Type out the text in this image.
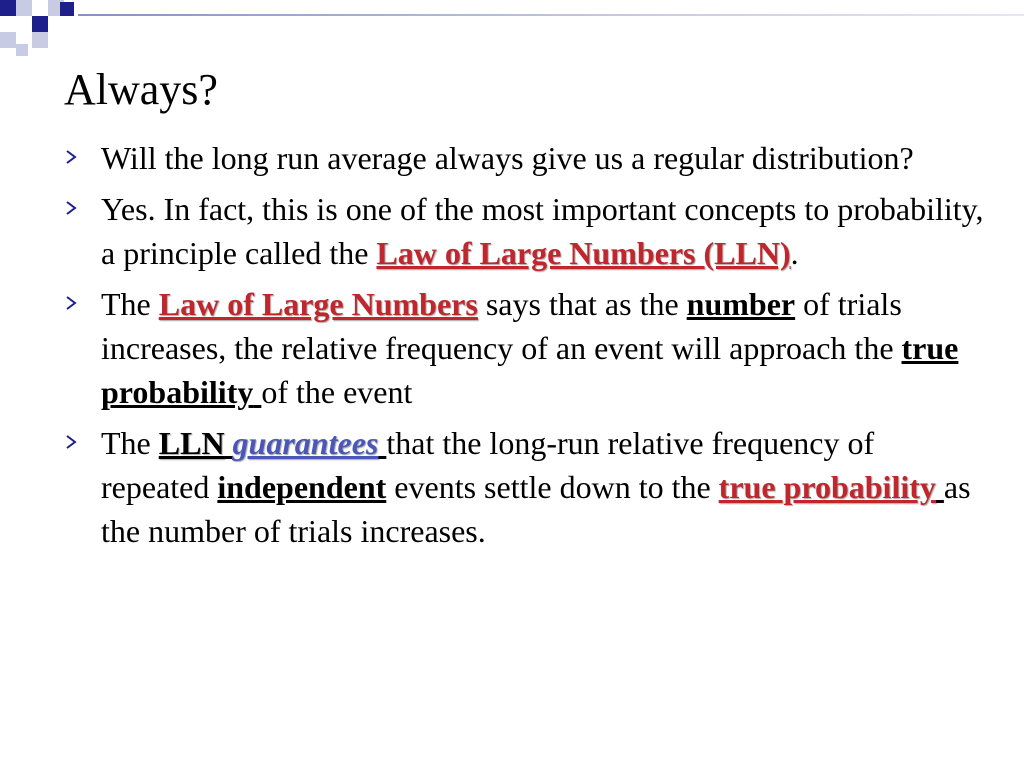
Always?
Will the long run average always give us a regular distribution?
Yes. In fact, this is one of the most important concepts to probability, a principle called the Law of Large Numbers (LLN).
The Law of Large Numbers says that as the number of trials increases, the relative frequency of an event will approach the true probability of the event
The LLN guarantees that the long-run relative frequency of repeated independent events settle down to the true probability as the number of trials increases.
